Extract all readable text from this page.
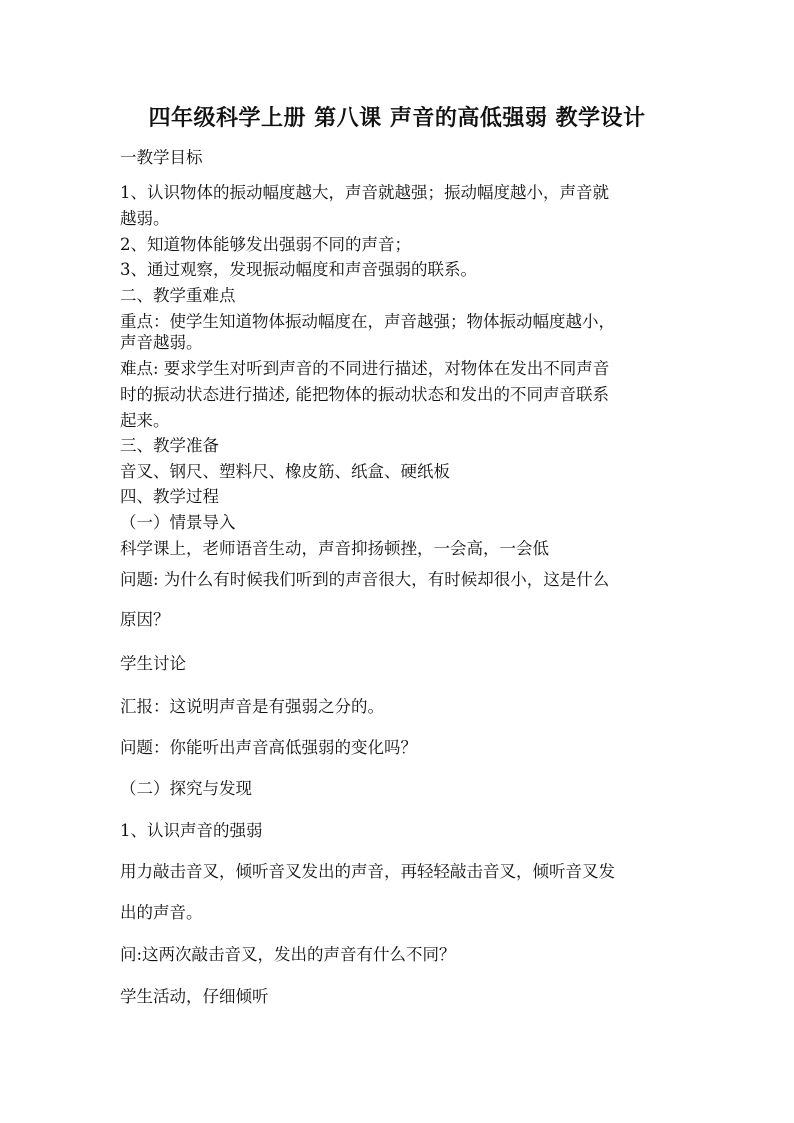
四年级科学上册 第八课 声音的高低强弱 教学设计
一教学目标
1、认识物体的振动幅度越大，声音就越强；振动幅度越小，声音就
越弱。
2、知道物体能够发出强弱不同的声音；
3、通过观察，发现振动幅度和声音强弱的联系。
二、教学重难点
重点：使学生知道物体振动幅度在，声音越强；物体振动幅度越小，
声音越弱。
难点: 要求学生对听到声音的不同进行描述，对物体在发出不同声音
时的振动状态进行描述, 能把物体的振动状态和发出的不同声音联系
起来。
三、教学准备
音叉、钢尺、塑料尺、橡皮筋、纸盒、硬纸板
四、教学过程
（一）情景导入
科学课上，老师语音生动，声音抑扬顿挫，一会高，一会低
问题: 为什么有时候我们听到的声音很大，有时候却很小，这是什么
原因？
学生讨论
汇报：这说明声音是有强弱之分的。
问题：你能听出声音高低强弱的变化吗？
（二）探究与发现
1、认识声音的强弱
用力敲击音叉，倾听音叉发出的声音，再轻轻敲击音叉，倾听音叉发
出的声音。
问:这两次敲击音叉，发出的声音有什么不同？
学生活动，仔细倾听
